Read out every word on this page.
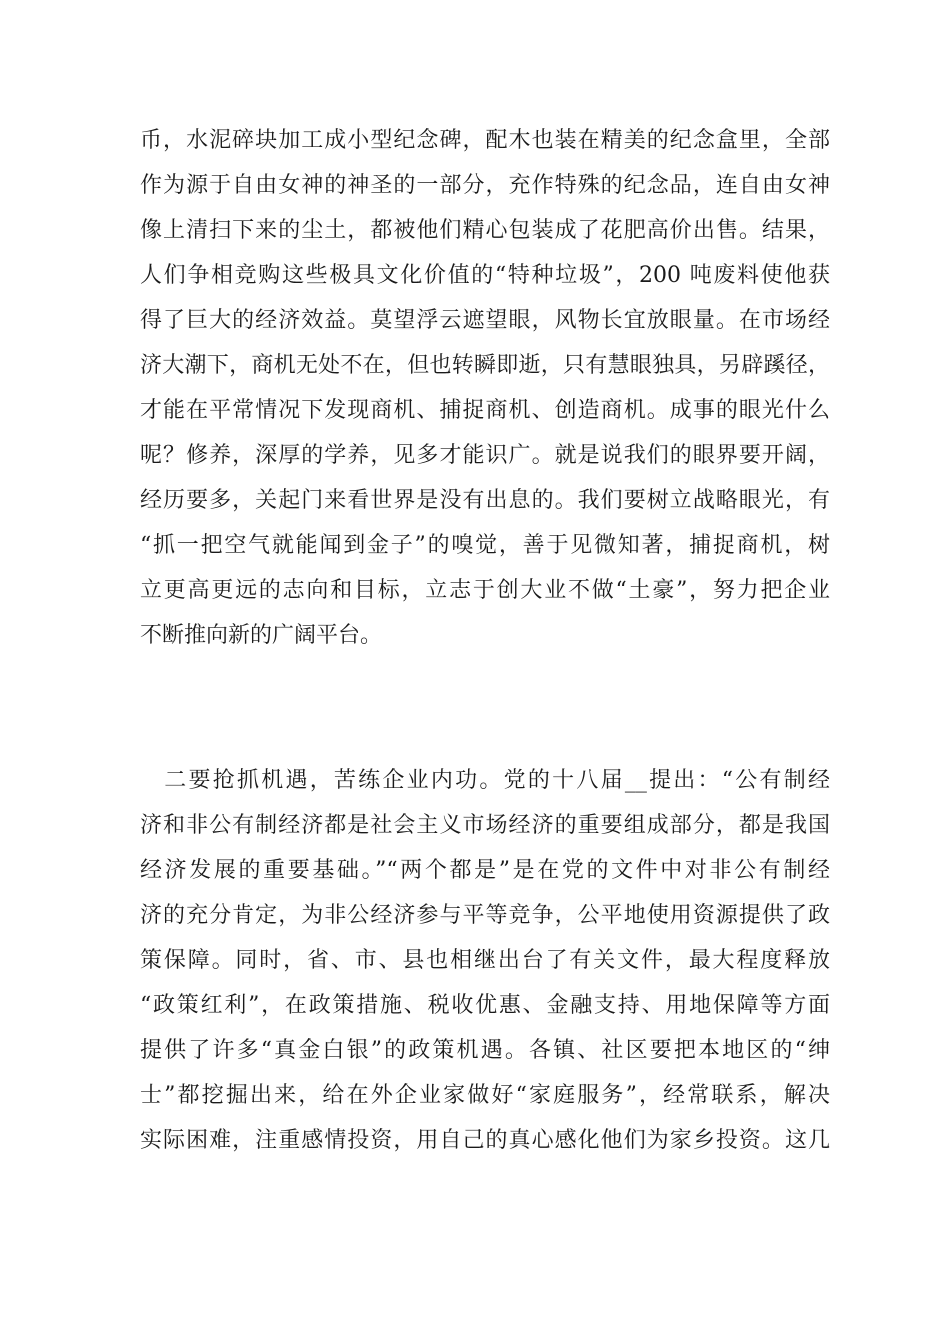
币，水泥碎块加工成小型纪念碑，配木也装在精美的纪念盒里，全部
作为源于自由女神的神圣的一部分，充作特殊的纪念品，连自由女神
像上清扫下来的尘土，都被他们精心包装成了花肥高价出售。结果，
人们争相竞购这些极具文化价值的“特种垃圾”，200 吨废料使他获
得了巨大的经济效益。莫望浮云遮望眼，风物长宜放眼量。在市场经
济大潮下，商机无处不在，但也转瞬即逝，只有慧眼独具，另辟蹊径，
才能在平常情况下发现商机、捕捉商机、创造商机。成事的眼光什么
呢？修养，深厚的学养，见多才能识广。就是说我们的眼界要开阔，
经历要多，关起门来看世界是没有出息的。我们要树立战略眼光，有
“抓一把空气就能闻到金子”的嗅觉，善于见微知著，捕捉商机，树
立更高更远的志向和目标，立志于创大业不做“土豪”，努力把企业
不断推向新的广阔平台。

　二要抢抓机遇，苦练企业内功。党的十八届__提出：“公有制经
济和非公有制经济都是社会主义市场经济的重要组成部分，都是我国
经济发展的重要基础。”“两个都是”是在党的文件中对非公有制经
济的充分肯定，为非公经济参与平等竞争，公平地使用资源提供了政
策保障。同时，省、市、县也相继出台了有关文件，最大程度释放
“政策红利”，在政策措施、税收优惠、金融支持、用地保障等方面
提供了许多“真金白银”的政策机遇。各镇、社区要把本地区的“绅
士”都挖掘出来，给在外企业家做好“家庭服务”，经常联系，解决
实际困难，注重感情投资，用自己的真心感化他们为家乡投资。这几
